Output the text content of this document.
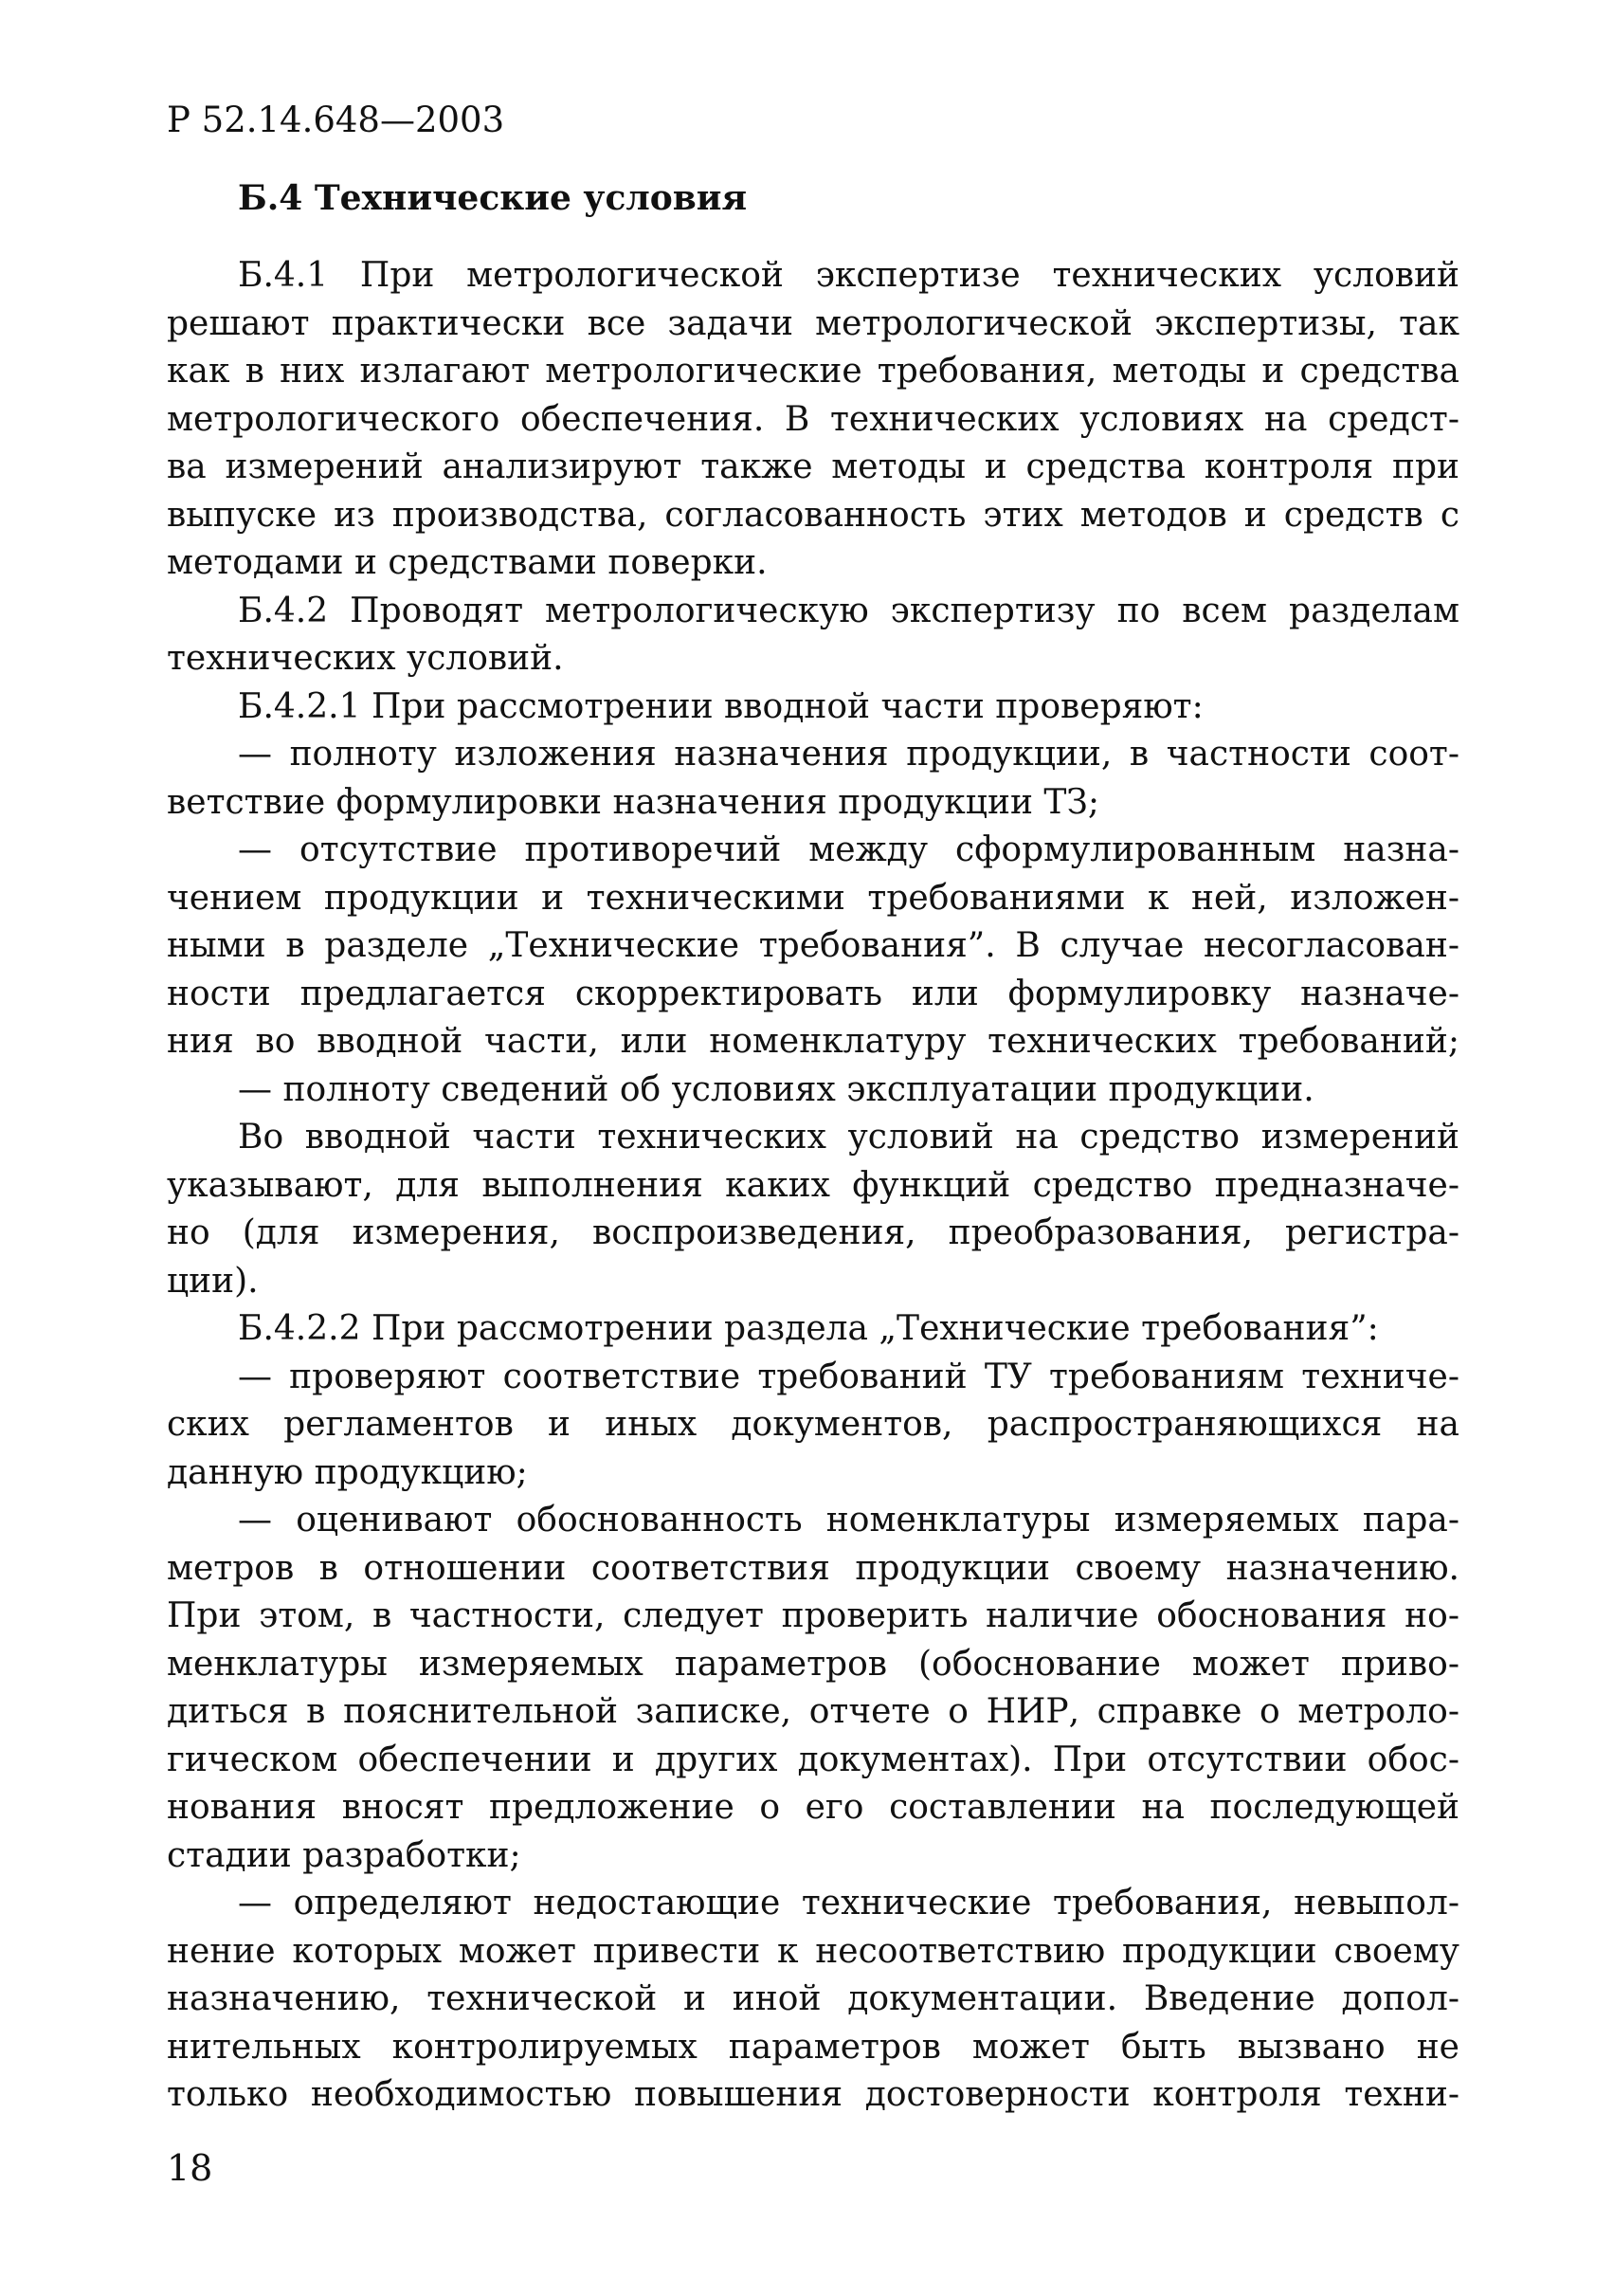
Р 52.14.648—2003
Б.4 Технические условия
Б.4.1 При метрологической экспертизе технических условий
решают практически все задачи метрологической экспертизы, так
как в них излагают метрологические требования, методы и средства
метрологического обеспечения. В технических условиях на средст-
ва измерений анализируют также методы и средства контроля при
выпуске из производства, согласованность этих методов и средств с
методами и средствами поверки.
Б.4.2 Проводят метрологическую экспертизу по всем разделам
технических условий.
Б.4.2.1 При рассмотрении вводной части проверяют:
— полноту изложения назначения продукции, в частности соот-
ветствие формулировки назначения продукции ТЗ;
— отсутствие противоречий между сформулированным назна-
чением продукции и техническими требованиями к ней, изложен-
ными в разделе „Технические требования”. В случае несогласован-
ности предлагается скорректировать или формулировку назначе-
ния во вводной части, или номенклатуру технических требований;
— полноту сведений об условиях эксплуатации продукции.
Во вводной части технических условий на средство измерений
указывают, для выполнения каких функций средство предназначе-
но (для измерения, воспроизведения, преобразования, регистра-
ции).
Б.4.2.2 При рассмотрении раздела „Технические требования”:
— проверяют соответствие требований ТУ требованиям техниче-
ских регламентов и иных документов, распространяющихся на
данную продукцию;
— оценивают обоснованность номенклатуры измеряемых пара-
метров в отношении соответствия продукции своему назначению.
При этом, в частности, следует проверить наличие обоснования но-
менклатуры измеряемых параметров (обоснование может приво-
диться в пояснительной записке, отчете о НИР, справке о метроло-
гическом обеспечении и других документах). При отсутствии обос-
нования вносят предложение о его составлении на последующей
стадии разработки;
— определяют недостающие технические требования, невыпол-
нение которых может привести к несоответствию продукции своему
назначению, технической и иной документации. Введение допол-
нительных контролируемых параметров может быть вызвано не
только необходимостью повышения достоверности контроля техни-
18
